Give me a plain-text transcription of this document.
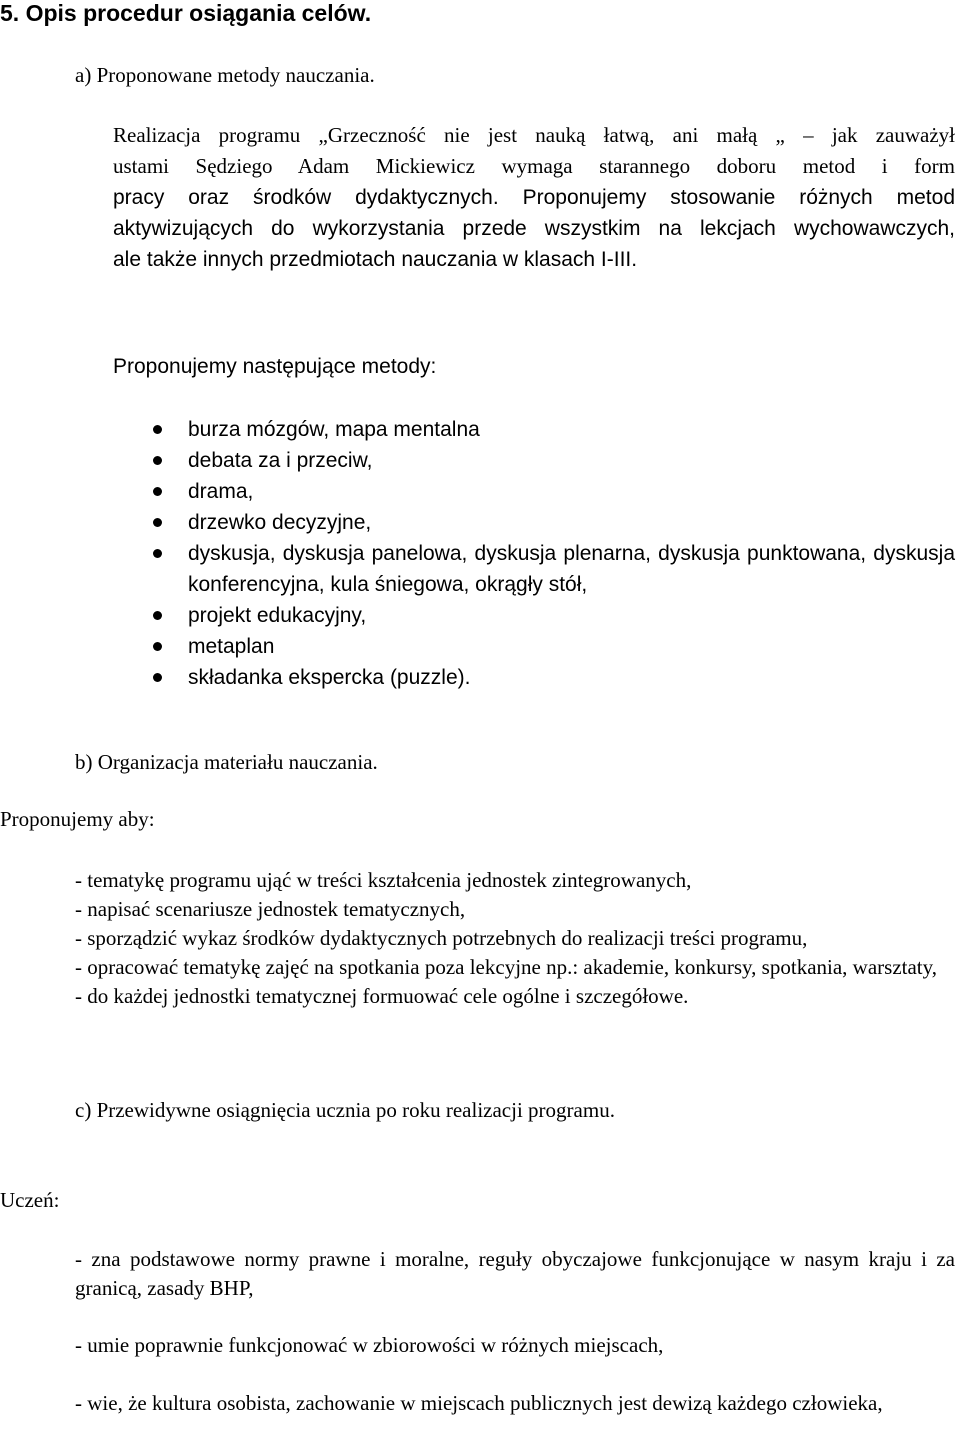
5. Opis procedur osiągania celów.
a) Proponowane metody nauczania.
Realizacja programu „Grzeczność nie jest nauką łatwą, ani małą „ – jak zauważył
ustami Sędziego Adam Mickiewicz wymaga starannego doboru metod i form
pracy oraz środków dydaktycznych. Proponujemy stosowanie różnych metod
aktywizujących do wykorzystania przede wszystkim na lekcjach wychowawczych,
ale także innych przedmiotach nauczania w klasach I-III.
Proponujemy następujące metody:
burza mózgów, mapa mentalna
debata za i przeciw,
drama,
drzewko decyzyjne,
dyskusja, dyskusja panelowa, dyskusja plenarna, dyskusja punktowana, dyskusja konferencyjna, kula śniegowa, okrągły stół,
projekt edukacyjny,
metaplan
składanka ekspercka (puzzle).
b) Organizacja materiału nauczania.
Proponujemy aby:
- tematykę programu ująć w treści kształcenia jednostek zintegrowanych,
- napisać scenariusze jednostek tematycznych,
- sporządzić wykaz środków dydaktycznych potrzebnych do realizacji treści programu,
- opracować tematykę zajęć na spotkania poza lekcyjne np.: akademie, konkursy, spotkania, warsztaty,
- do każdej jednostki tematycznej formuować cele ogólne i szczegółowe.
c) Przewidywne osiągnięcia ucznia po roku realizacji programu.
Uczeń:
- zna podstawowe normy prawne i moralne, reguły obyczajowe funkcjonujące w nasym kraju i za granicą, zasady BHP,
- umie poprawnie funkcjonować w zbiorowości w różnych miejscach,
- wie, że kultura osobista, zachowanie w miejscach publicznych jest dewizą każdego człowieka,
